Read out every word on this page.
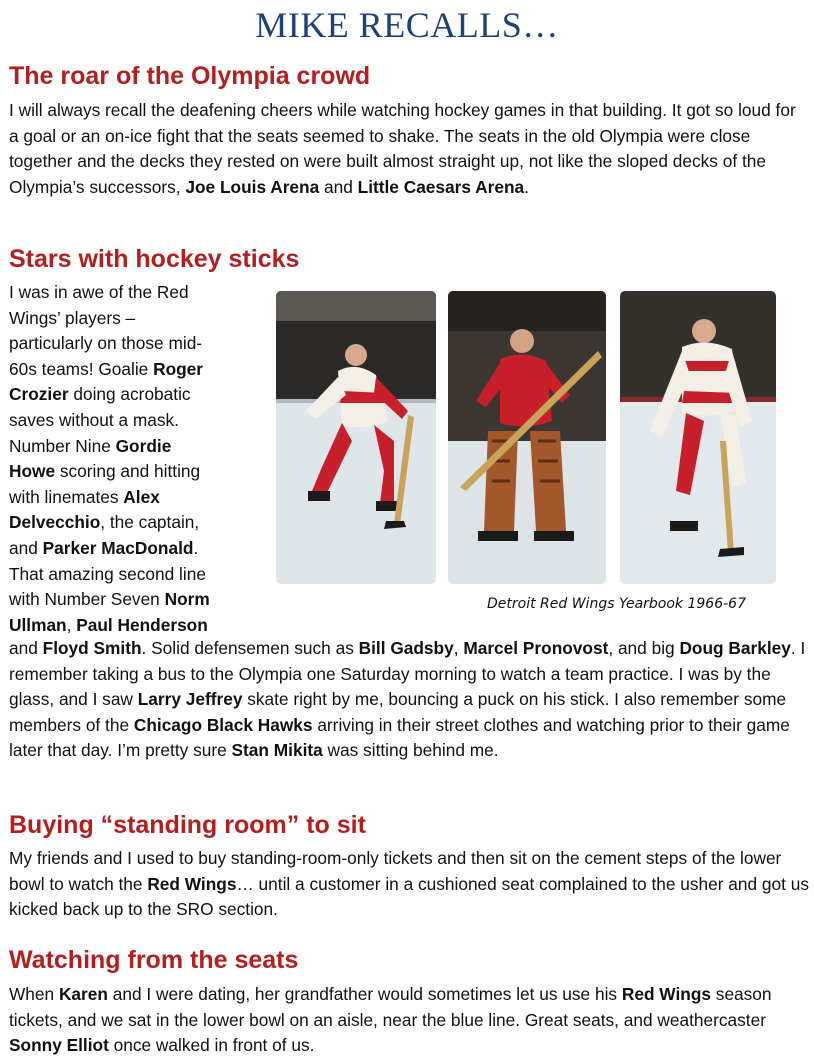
MIKE RECALLS…
The roar of the Olympia crowd

I will always recall the deafening cheers while watching hockey games in that building. It got so loud for a goal or an on-ice fight that the seats seemed to shake. The seats in the old Olympia were close together and the decks they rested on were built almost straight up, not like the sloped decks of the Olympia’s successors, Joe Louis Arena and Little Caesars Arena.

Stars with hockey sticks
I was in awe of the Red
Wings’ players –
particularly on those mid-
60s teams! Goalie Roger
Crozier doing acrobatic
saves without a mask.
Number Nine Gordie
Howe scoring and hitting
with linemates Alex
Delvecchio, the captain,
and Parker MacDonald.
That amazing second line
with Number Seven Norm
Ullman, Paul Henderson

Detroit Red Wings Yearbook 1966-67

and Floyd Smith. Solid defensemen such as Bill Gadsby, Marcel Pronovost, and big Doug Barkley. I remember taking a bus to the Olympia one Saturday morning to watch a team practice. I was by the glass, and I saw Larry Jeffrey skate right by me, bouncing a puck on his stick. I also remember some members of the Chicago Black Hawks arriving in their street clothes and watching prior to their game later that day. I’m pretty sure Stan Mikita was sitting behind me.

Buying “standing room” to sit

My friends and I used to buy standing-room-only tickets and then sit on the cement steps of the lower bowl to watch the Red Wings… until a customer in a cushioned seat complained to the usher and got us kicked back up to the SRO section.

Watching from the seats

When Karen and I were dating, her grandfather would sometimes let us use his Red Wings season tickets, and we sat in the lower bowl on an aisle, near the blue line. Great seats, and weathercaster Sonny Elliot once walked in front of us.
